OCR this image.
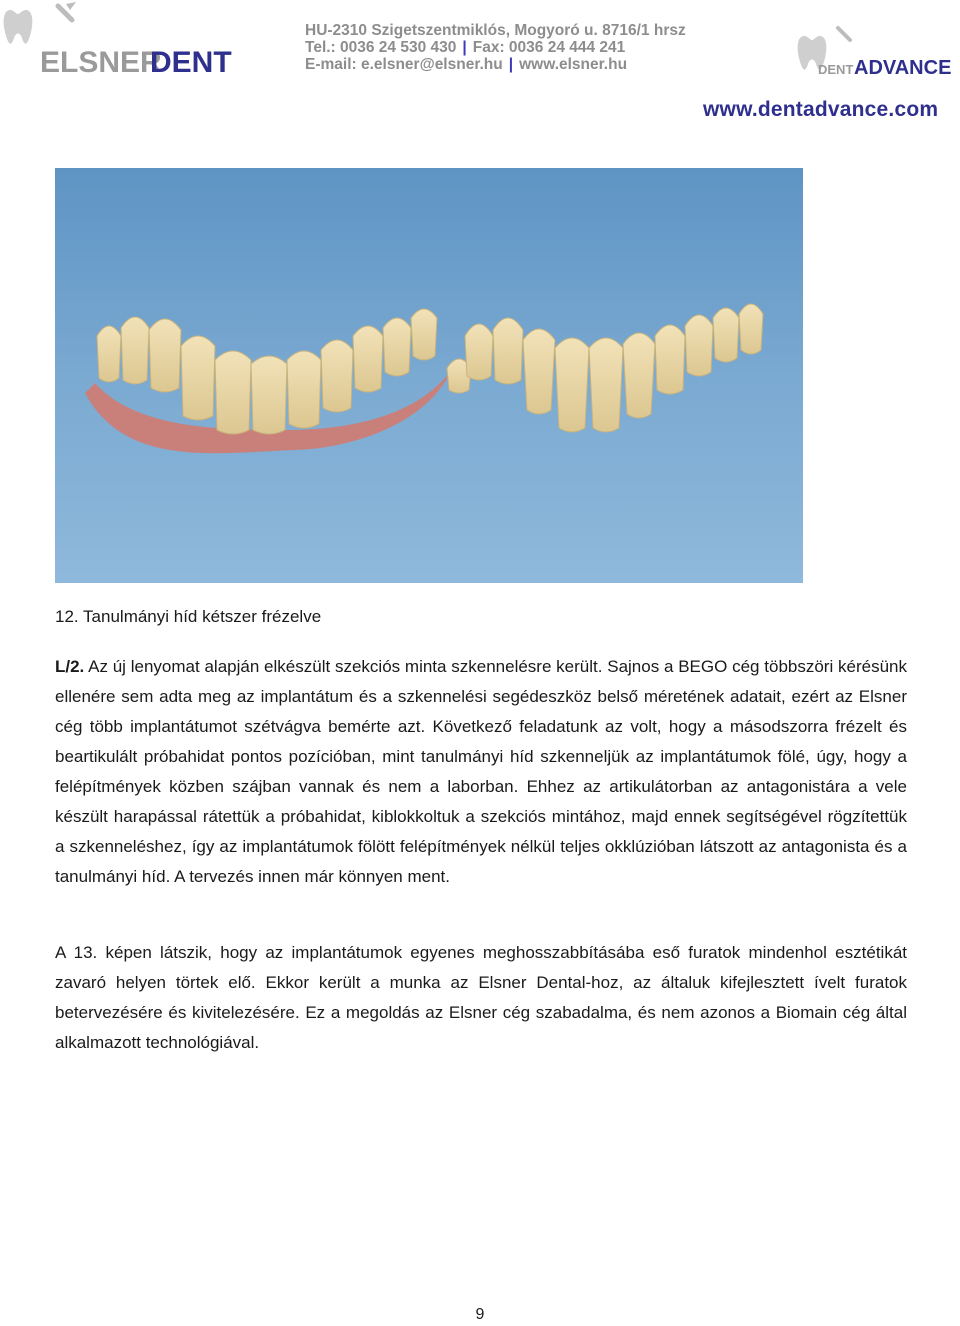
ELSNER
DENT
HU-2310 Szigetszentmiklós, Mogyoró u. 8716/1 hrsz
Tel.: 0036 24 530 430 | Fax: 0036 24 444 241
E-mail: e.elsner@elsner.hu | www.elsner.hu	DENT ADVANCE
www.dentadvance.com
12. Tanulmányi híd kétszer frézelve
L/2. Az új lenyomat alapján elkészült szekciós minta szkennelésre került. Sajnos a BEGO cég többszöri kérésünk ellenére sem adta meg az implantátum és a szkennelési segédeszköz belső méretének adatait, ezért az Elsner cég több implantátumot szétvágva bemérte azt. Következő feladatunk az volt, hogy a másodszorra frézelt és beartikulált próbahidat pontos pozícióban, mint tanulmányi híd szkenneljük az implantátumok fölé, úgy, hogy a felépítmények közben szájban vannak és nem a laborban. Ehhez az artikulátorban az antagonistára a vele készült harapással rátettük a próbahidat, kiblokkoltuk a szekciós mintához, majd ennek segítségével rögzítettük a szkenneléshez, így az implantátumok fölött felépítmények nélkül teljes okklúzióban látszott az antagonista és a tanulmányi híd. A tervezés innen már könnyen ment.
A 13. képen látszik, hogy az implantátumok egyenes meghosszabbításába eső furatok mindenhol esztétikát zavaró helyen törtek elő. Ekkor került a munka az Elsner Dental-hoz, az általuk kifejlesztett ívelt furatok betervezésére és kivitelezésére. Ez a megoldás az Elsner cég szabadalma, és nem azonos a Biomain cég által alkalmazott technológiával.
9
